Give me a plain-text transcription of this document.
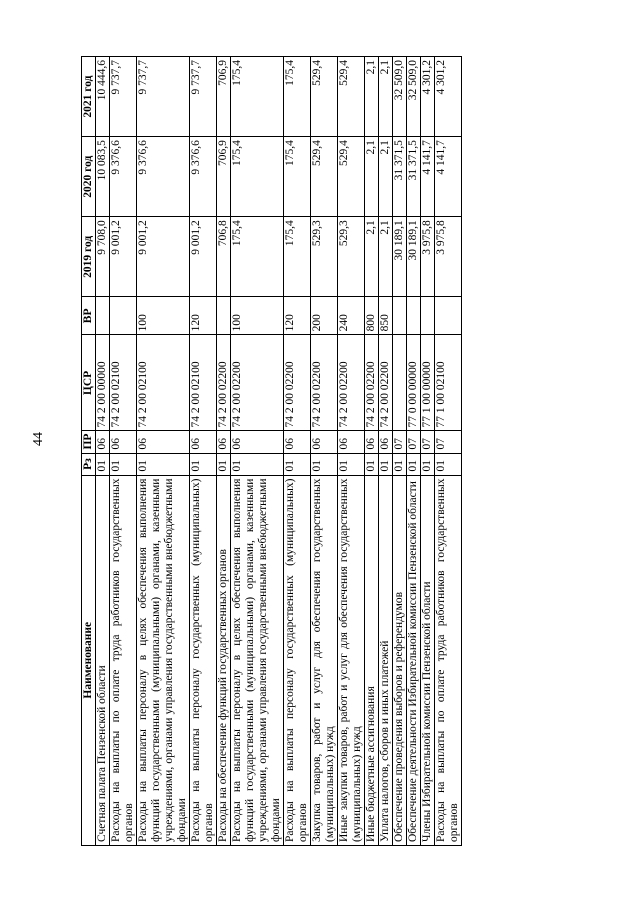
44
Наименование	Рз	ПР	ЦСР	ВР	2019 год	2020 год	2021 год
Счетная палата Пензенской области	01	06	74 2 00 00000		9 708,0	10 083,5	10 444,6
Расходы на выплаты по оплате труда работников государственных органов	01	06	74 2 00 02100		9 001,2	9 376,6	9 737,7
Расходы на выплаты персоналу в целях обеспечения выполнения функций государственными (муниципальными) органами, казенными учреждениями, органами управления государственными внебюджетными фондами	01	06	74 2 00 02100	100	9 001,2	9 376,6	9 737,7
Расходы на выплаты персоналу государственных (муниципальных) органов	01	06	74 2 00 02100	120	9 001,2	9 376,6	9 737,7
Расходы на обеспечение функций государственных органов	01	06	74 2 00 02200		706,8	706,9	706,9
Расходы на выплаты персоналу в целях обеспечения выполнения функций государственными (муниципальными) органами, казенными учреждениями, органами управления государственными внебюджетными фондами	01	06	74 2 00 02200	100	175,4	175,4	175,4
Расходы на выплаты персоналу государственных (муниципальных) органов	01	06	74 2 00 02200	120	175,4	175,4	175,4
Закупка товаров, работ и услуг для обеспечения государственных (муниципальных) нужд	01	06	74 2 00 02200	200	529,3	529,4	529,4
Иные закупки товаров, работ и услуг для обеспечения государственных (муниципальных) нужд	01	06	74 2 00 02200	240	529,3	529,4	529,4
Иные бюджетные ассигнования	01	06	74 2 00 02200	800	2,1	2,1	2,1
Уплата налогов, сборов и иных платежей	01	06	74 2 00 02200	850	2,1	2,1	2,1
Обеспечение проведения выборов и референдумов	01	07			30 189,1	31 371,5	32 509,0
Обеспечение деятельности Избирательной комиссии Пензенской области	01	07	77 0 00 00000		30 189,1	31 371,5	32 509,0
Члены Избирательной комиссии Пензенской области	01	07	77 1 00 00000		3 975,8	4 141,7	4 301,2
Расходы на выплаты по оплате труда работников государственных органов	01	07	77 1 00 02100		3 975,8	4 141,7	4 301,2
